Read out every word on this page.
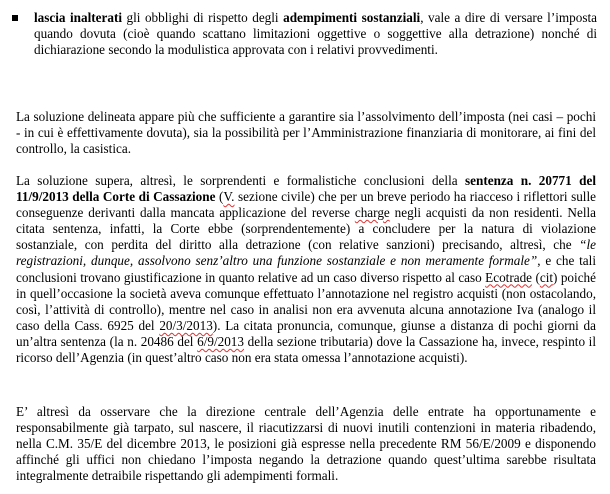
lascia inalterati gli obblighi di rispetto degli adempimenti sostanziali, vale a dire di versare l’imposta quando dovuta (cioè quando scattano limitazioni oggettive o soggettive alla detrazione) nonché di dichiarazione secondo la modulistica approvata con i relativi provvedimenti.

La soluzione delineata appare più che sufficiente a garantire sia l’assolvimento dell’imposta (nei casi – pochi - in cui è effettivamente dovuta), sia la possibilità per l’Amministrazione finanziaria di monitorare, ai fini del controllo, la casistica.

La soluzione supera, altresì, le sorprendenti e formalistiche conclusioni della sentenza n. 20771 del 11/9/2013 della Corte di Cassazione (V. sezione civile) che per un breve periodo ha riacceso i riflettori sulle conseguenze derivanti dalla mancata applicazione del reverse charge negli acquisti da non residenti. Nella citata sentenza, infatti, la Corte ebbe (sorprendentemente) a concludere per la natura di violazione sostanziale, con perdita del diritto alla detrazione (con relative sanzioni) precisando, altresì, che “le registrazioni, dunque, assolvono senz’altro una funzione sostanziale e non meramente formale”, e che tali conclusioni trovano giustificazione in quanto relative ad un caso diverso rispetto al caso Ecotrade (cit) poiché in quell’occasione la società aveva comunque effettuato l’annotazione nel registro acquisti (non ostacolando, così, l’attività di controllo), mentre nel caso in analisi non era avvenuta alcuna annotazione Iva (analogo il caso della Cass. 6925 del 20/3/2013). La citata pronuncia, comunque, giunse a distanza di pochi giorni da un’altra sentenza (la n. 20486 del 6/9/2013 della sezione tributaria) dove la Cassazione ha, invece, respinto il ricorso dell’Agenzia (in quest’altro caso non era stata omessa l’annotazione acquisti).

E’ altresì da osservare che la direzione centrale dell’Agenzia delle entrate ha opportunamente e responsabilmente già tarpato, sul nascere, il riacutizzarsi di nuovi inutili contenzioni in materia ribadendo, nella C.M. 35/E del dicembre 2013, le posizioni già espresse nella precedente RM 56/E/2009 e disponendo affinché gli uffici non chiedano l’imposta negando la detrazione quando quest’ultima sarebbe risultata integralmente detraibile rispettando gli adempimenti formali.
